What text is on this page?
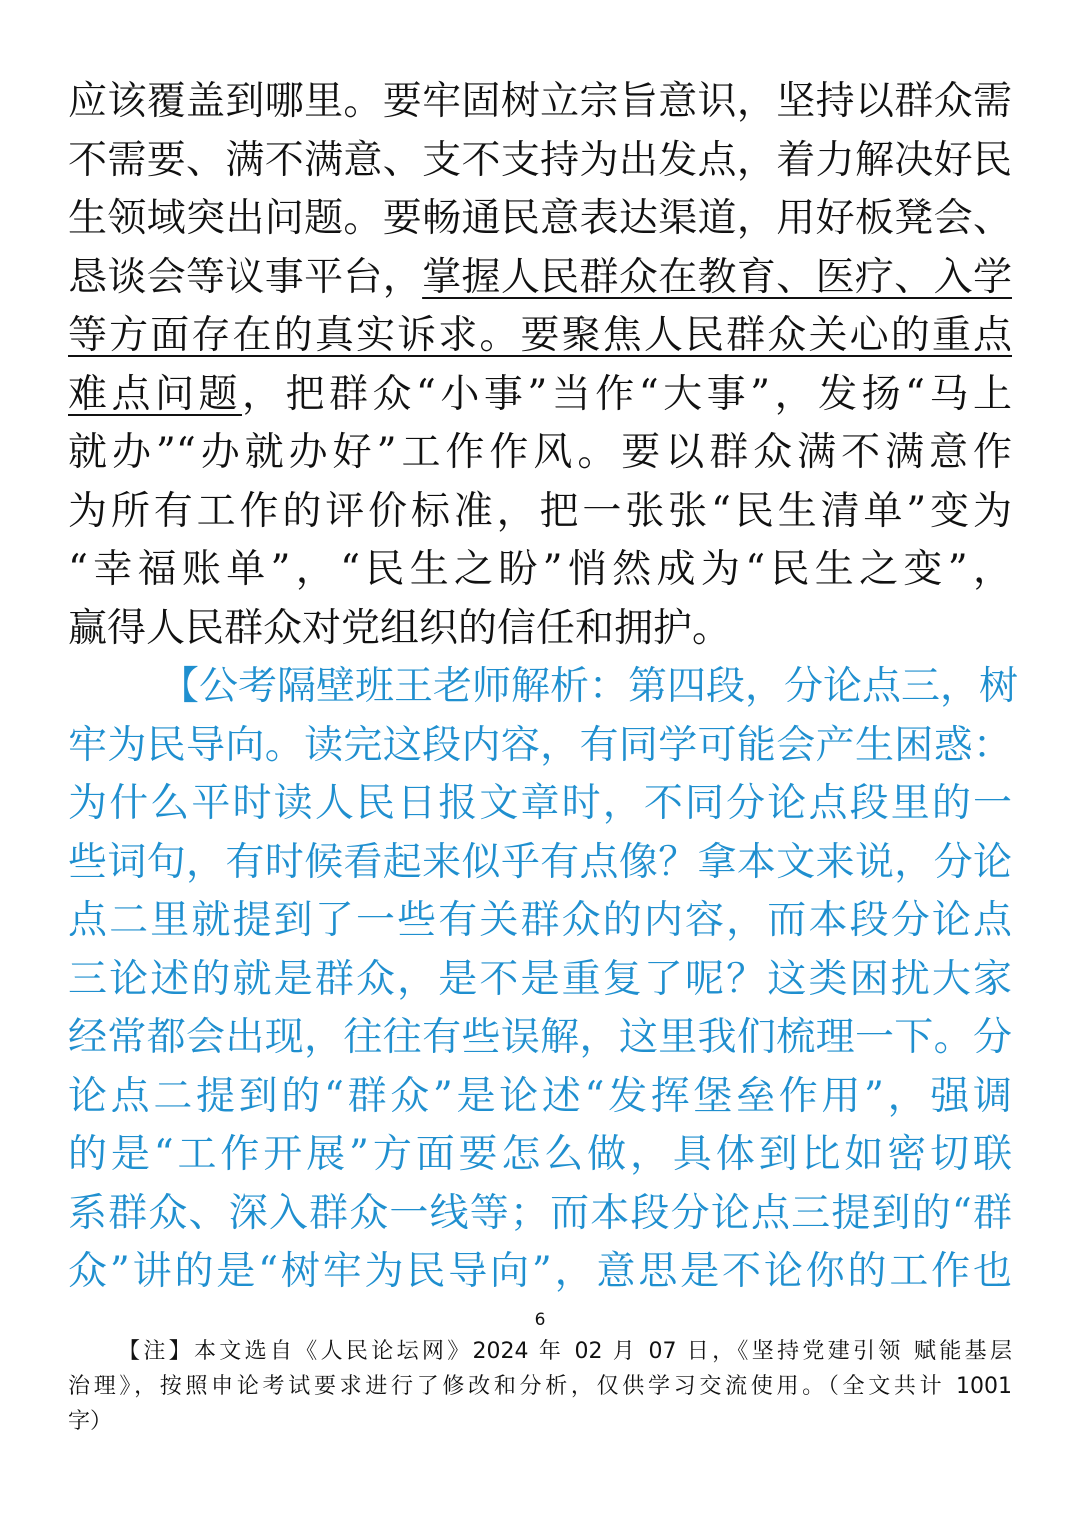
应该覆盖到哪里。要牢固树立宗旨意识，坚持以群众需
不需要、满不满意、支不支持为出发点，着力解决好民
生领域突出问题。要畅通民意表达渠道，用好板凳会、
恳谈会等议事平台，掌握人民群众在教育、医疗、入学
等方面存在的真实诉求。要聚焦人民群众关心的重点
难点问题，把群众“小事”当作“大事”，发扬“马上
就办”“办就办好”工作作风。要以群众满不满意作
为所有工作的评价标准，把一张张“民生清单”变为
“幸福账单”，“民生之盼”悄然成为“民生之变”，
赢得人民群众对党组织的信任和拥护。
【公考隔壁班王老师解析：第四段，分论点三，树
牢为民导向。读完这段内容，有同学可能会产生困惑：
为什么平时读人民日报文章时，不同分论点段里的一
些词句，有时候看起来似乎有点像？拿本文来说，分论
点二里就提到了一些有关群众的内容，而本段分论点
三论述的就是群众，是不是重复了呢？这类困扰大家
经常都会出现，往往有些误解，这里我们梳理一下。分
论点二提到的“群众”是论述“发挥堡垒作用”，强调
的是“工作开展”方面要怎么做，具体到比如密切联
系群众、深入群众一线等；而本段分论点三提到的“群
众”讲的是“树牢为民导向”，意思是不论你的工作也
6
【注】本文选自《人民论坛网》2024 年 02 月 07 日，《坚持党建引领 赋能基层
治理》，按照申论考试要求进行了修改和分析，仅供学习交流使用。（全文共计 1001
字）
